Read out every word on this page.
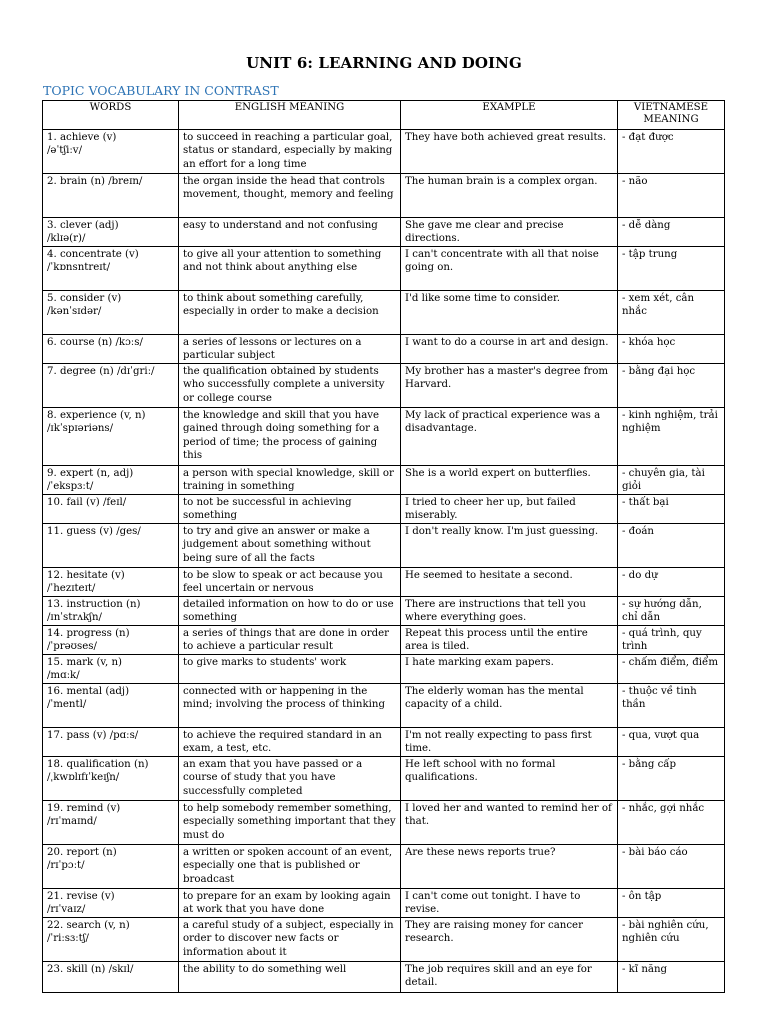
UNIT 6: LEARNING AND DOING
TOPIC VOCABULARY IN CONTRAST
WORDS	ENGLISH MEANING	EXAMPLE	VIETNAMESE MEANING
1. achieve (v)
/əˈtʃiːv/	to succeed in reaching a particular goal, status or standard, especially by making an effort for a long time	They have both achieved great results.	- đạt được
2. brain (n) /breɪn/	the organ inside the head that controls movement, thought, memory and feeling	The human brain is a complex organ.	- não
3. clever (adj)
/klɪə(r)/	easy to understand and not confusing	She gave me clear and precise directions.	- dễ dàng
4. concentrate (v)
/ˈkɒnsntreɪt/	to give all your attention to something and not think about anything else	I can't concentrate with all that noise going on.	- tập trung
5. consider (v)
/kənˈsɪdər/	to think about something carefully, especially in order to make a decision	I'd like some time to consider.	- xem xét, cân nhắc
6. course (n) /kɔːs/	a series of lessons or lectures on a particular subject	I want to do a course in art and design.	- khóa học
7. degree (n) /dɪˈgriː/	the qualification obtained by students who successfully complete a university or college course	My brother has a master's degree from Harvard.	- bằng đại học
8. experience (v, n)
/ɪkˈspɪəriəns/	the knowledge and skill that you have gained through doing something for a period of time; the process of gaining this	My lack of practical experience was a disadvantage.	- kinh nghiệm, trải nghiệm
9. expert (n, adj)
/ˈekspɜːt/	a person with special knowledge, skill or training in something	She is a world expert on butterflies.	- chuyên gia, tài giỏi
10. fail (v) /feɪl/	to not be successful in achieving something	I tried to cheer her up, but failed miserably.	- thất bại
11. guess (v) /ges/	to try and give an answer or make a judgement about something without being sure of all the facts	I don't really know. I'm just guessing.	- đoán
12. hesitate (v)
/ˈhezɪteɪt/	to be slow to speak or act because you feel uncertain or nervous	He seemed to hesitate a second.	- do dự
13. instruction (n)
/ɪnˈstrʌkʃn/	detailed information on how to do or use something	There are instructions that tell you where everything goes.	- sự hướng dẫn, chỉ dẫn
14. progress (n)
/ˈprəʊses/	a series of things that are done in order to achieve a particular result	Repeat this process until the entire area is tiled.	- quá trình, quy trình
15. mark (v, n)
/mɑːk/	to give marks to students' work	I hate marking exam papers.	- chấm điểm, điểm
16. mental (adj)
/ˈmentl/	connected with or happening in the mind; involving the process of thinking	The elderly woman has the mental capacity of a child.	- thuộc về tinh thần
17. pass (v) /pɑːs/	to achieve the required standard in an exam, a test, etc.	I'm not really expecting to pass first time.	- qua, vượt qua
18. qualification (n)
/ˌkwɒlɪfɪˈkeɪʃn/	an exam that you have passed or a course of study that you have successfully completed	He left school with no formal qualifications.	- bằng cấp
19. remind (v)
/rɪˈmaɪnd/	to help somebody remember something, especially something important that they must do	I loved her and wanted to remind her of that.	- nhắc, gợi nhắc
20. report (n)
/rɪˈpɔːt/	a written or spoken account of an event, especially one that is published or broadcast	Are these news reports true?	- bài báo cáo
21. revise (v)
/rɪˈvaɪz/	to prepare for an exam by looking again at work that you have done	I can't come out tonight. I have to revise.	- ôn tập
22. search (v, n)
/ˈriːsɜːtʃ/	a careful study of a subject, especially in order to discover new facts or information about it	They are raising money for cancer research.	- bài nghiên cứu, nghiên cứu
23. skill (n) /skɪl/	the ability to do something well	The job requires skill and an eye for detail.	- kĩ năng
